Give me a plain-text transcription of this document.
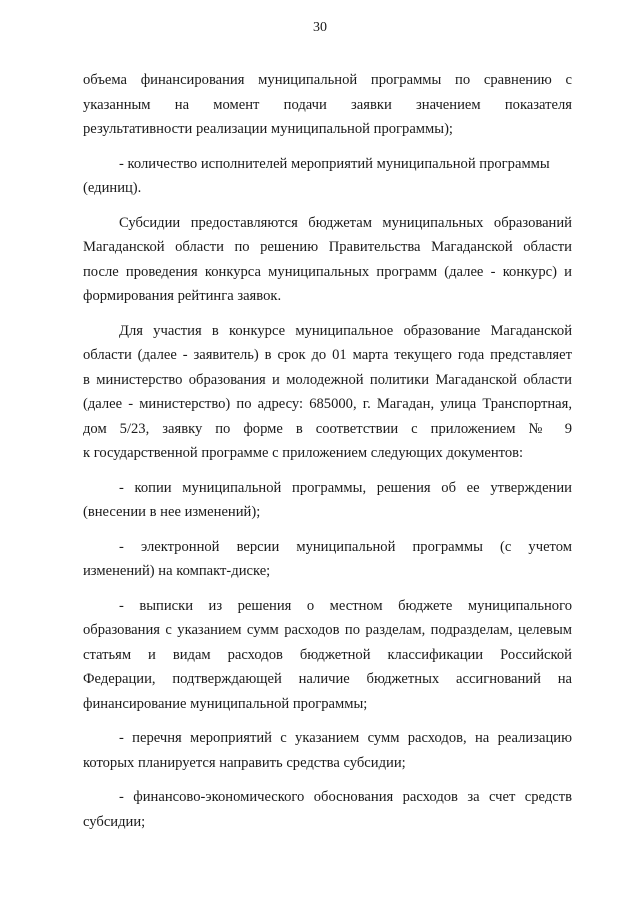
30

объема финансирования муниципальной программы по сравнению с
указанным на момент подачи заявки значением показателя
результативности реализации муниципальной программы);

- количество исполнителей мероприятий муниципальной программы
(единиц).

Субсидии предоставляются бюджетам муниципальных образований
Магаданской области по решению Правительства Магаданской области
после проведения конкурса муниципальных программ (далее - конкурс) и
формирования рейтинга заявок.

Для участия в конкурсе муниципальное образование Магаданской
области (далее - заявитель) в срок до 01 марта текущего года представляет
в министерство образования и молодежной политики Магаданской области
(далее - министерство) по адресу: 685000, г. Магадан, улица Транспортная,
дом 5/23, заявку по форме в соответствии с приложением № 9
к государственной программе с приложением следующих документов:

- копии муниципальной программы, решения об ее утверждении
(внесении в нее изменений);

- электронной версии муниципальной программы (с учетом
изменений) на компакт-диске;

- выписки из решения о местном бюджете муниципального
образования с указанием сумм расходов по разделам, подразделам, целевым
статьям и видам расходов бюджетной классификации Российской
Федерации, подтверждающей наличие бюджетных ассигнований на
финансирование муниципальной программы;

- перечня мероприятий с указанием сумм расходов, на реализацию
которых планируется направить средства субсидии;

- финансово-экономического обоснования расходов за счет средств
субсидии;
